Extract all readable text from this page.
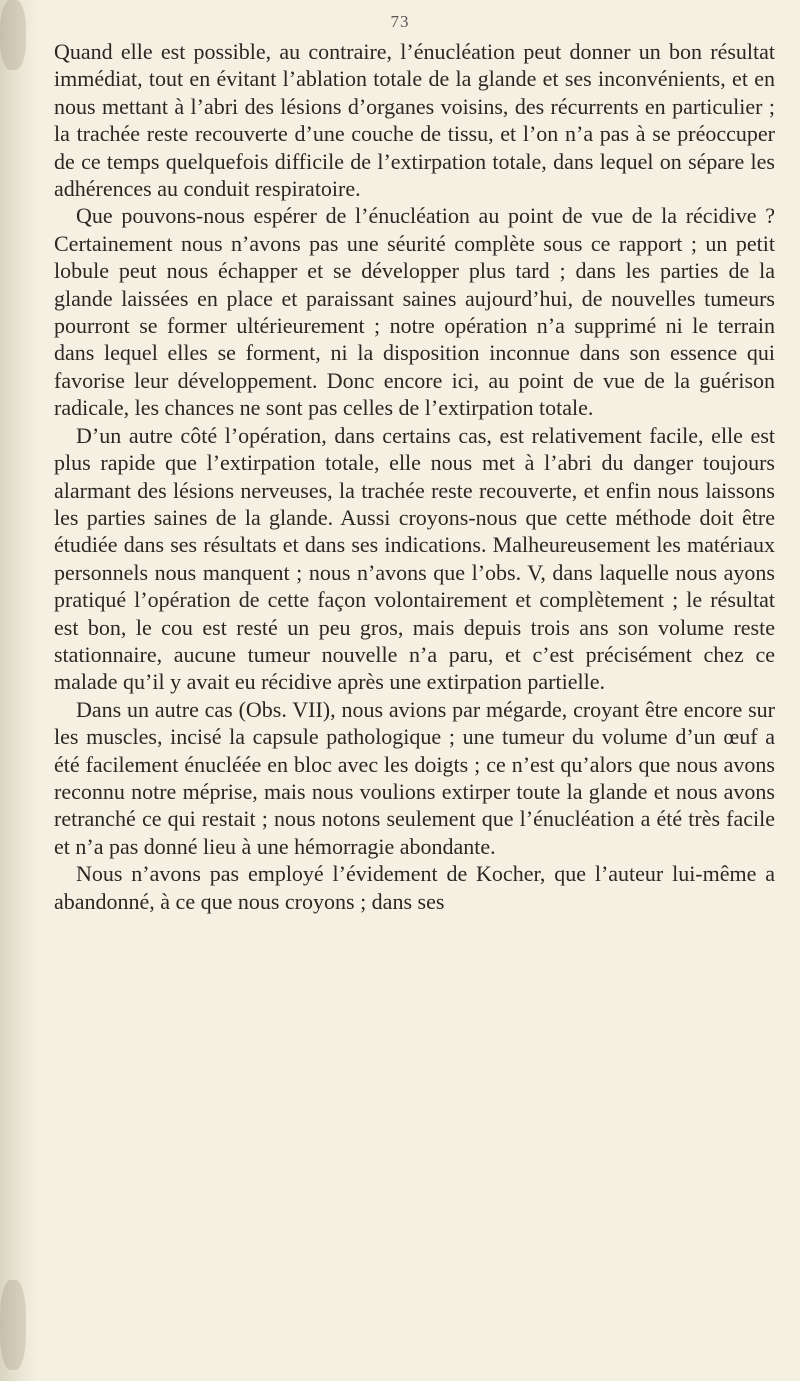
73

Quand elle est possible, au contraire, l’énucléation peut donner un bon résultat immédiat, tout en évitant l’ablation totale de la glande et ses inconvénients, et en nous mettant à l’abri des lésions d’organes voisins, des récurrents en particulier ; la trachée reste recouverte d’une couche de tissu, et l’on n’a pas à se préoccuper de ce temps quelquefois difficile de l’extirpation totale, dans lequel on sépare les adhérences au conduit respiratoire.

Que pouvons-nous espérer de l’énucléation au point de vue de la récidive ? Certainement nous n’avons pas une séurité complète sous ce rapport ; un petit lobule peut nous échapper et se développer plus tard ; dans les parties de la glande laissées en place et paraissant saines aujourd’hui, de nouvelles tumeurs pourront se former ultérieurement ; notre opération n’a supprimé ni le terrain dans lequel elles se forment, ni la disposition inconnue dans son essence qui favorise leur développement. Donc encore ici, au point de vue de la guérison radicale, les chances ne sont pas celles de l’extirpation totale.

D’un autre côté l’opération, dans certains cas, est relativement facile, elle est plus rapide que l’extirpation totale, elle nous met à l’abri du danger toujours alarmant des lésions nerveuses, la trachée reste recouverte, et enfin nous laissons les parties saines de la glande. Aussi croyons-nous que cette méthode doit être étudiée dans ses résultats et dans ses indications. Malheureusement les matériaux personnels nous manquent ; nous n’avons que l’obs. V, dans laquelle nous ayons pratiqué l’opération de cette façon volontairement et complètement ; le résultat est bon, le cou est resté un peu gros, mais depuis trois ans son volume reste stationnaire, aucune tumeur nouvelle n’a paru, et c’est précisément chez ce malade qu’il y avait eu récidive après une extirpation partielle.

Dans un autre cas (Obs. VII), nous avions par mégarde, croyant être encore sur les muscles, incisé la capsule pathologique ; une tumeur du volume d’un œuf a été facilement énucléée en bloc avec les doigts ; ce n’est qu’alors que nous avons reconnu notre méprise, mais nous voulions extirper toute la glande et nous avons retranché ce qui restait ; nous notons seulement que l’énucléation a été très facile et n’a pas donné lieu à une hémorragie abondante.

Nous n’avons pas employé l’évidement de Kocher, que l’auteur lui-même a abandonné, à ce que nous croyons ; dans ses
